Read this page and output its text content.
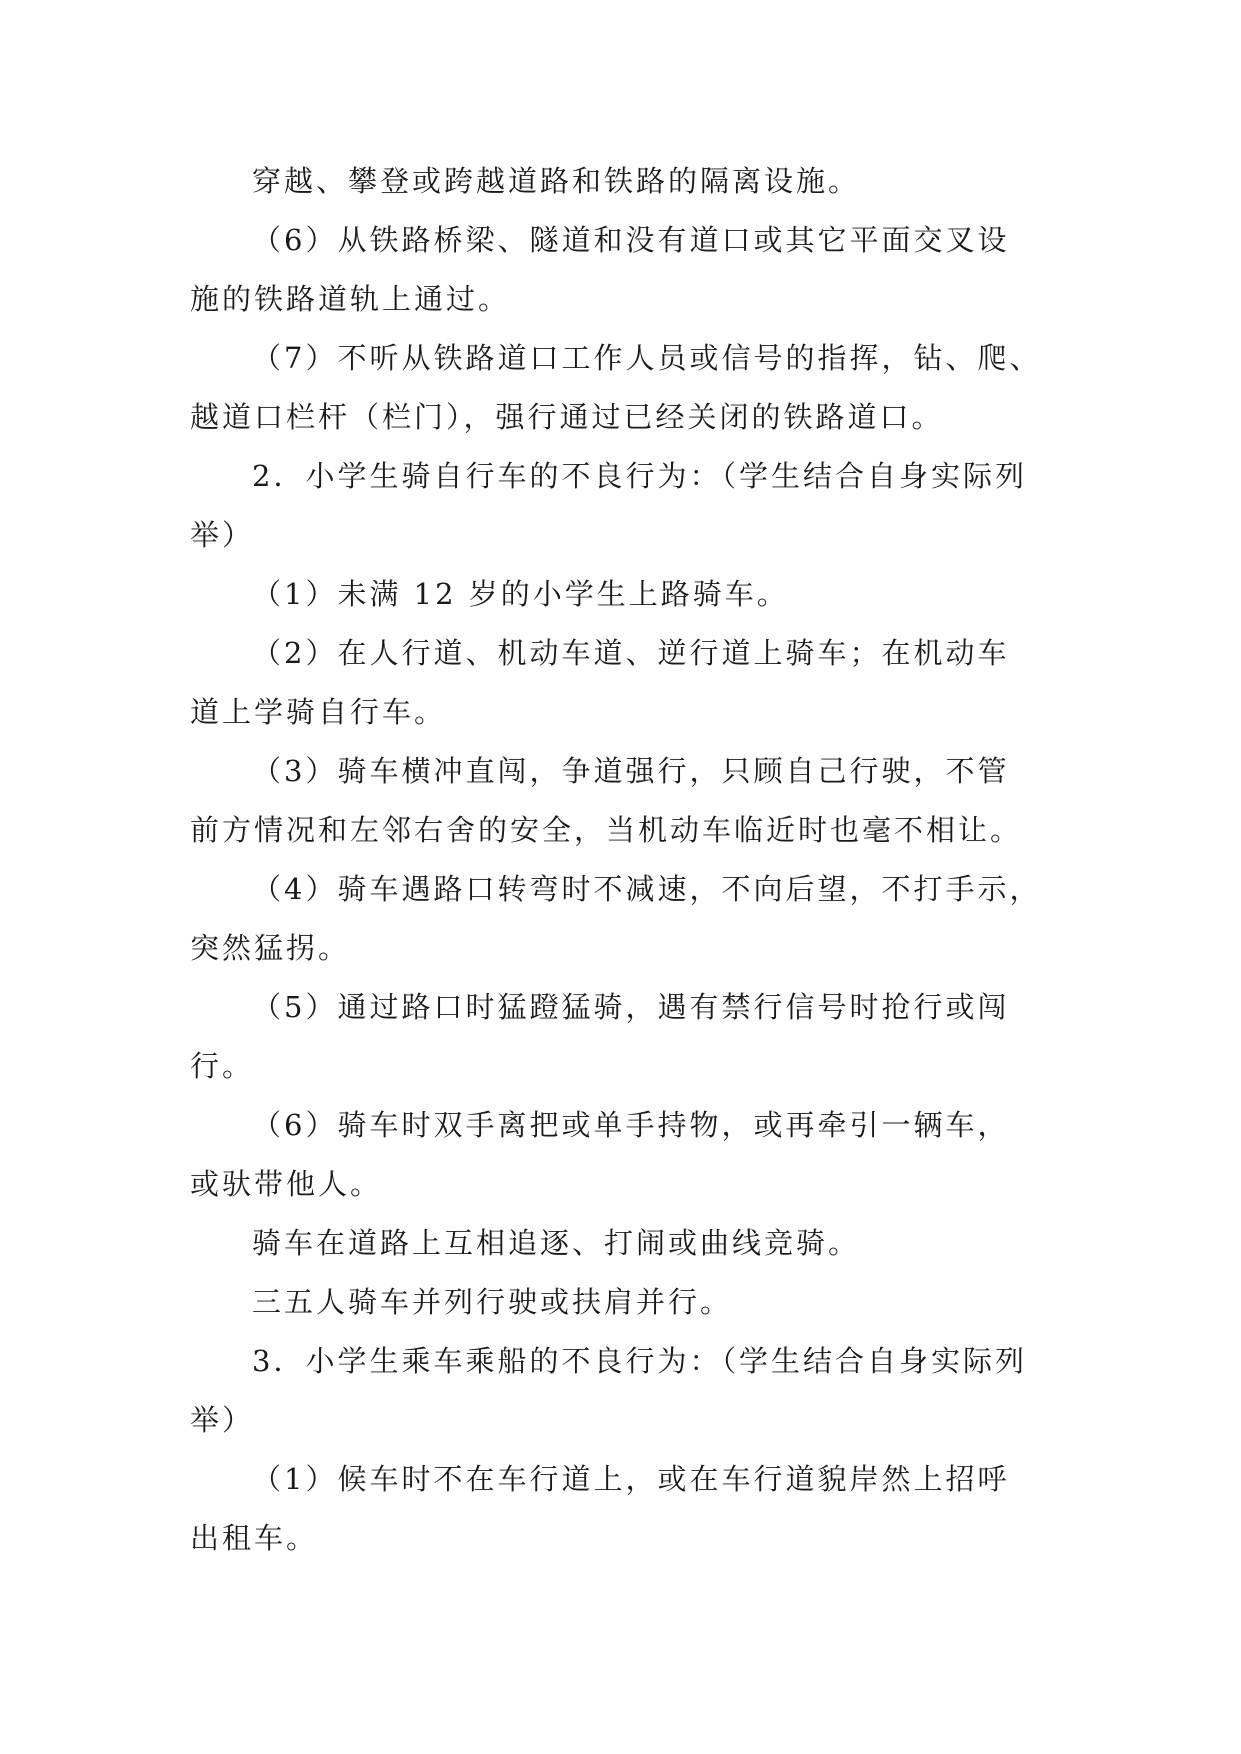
穿越、攀登或跨越道路和铁路的隔离设施。
（6）从铁路桥梁、隧道和没有道口或其它平面交叉设
施的铁路道轨上通过。
（7）不听从铁路道口工作人员或信号的指挥，钻、爬、
越道口栏杆（栏门），强行通过已经关闭的铁路道口。
2．小学生骑自行车的不良行为：（学生结合自身实际列
举）
（1）未满 12 岁的小学生上路骑车。
（2）在人行道、机动车道、逆行道上骑车；在机动车
道上学骑自行车。
（3）骑车横冲直闯，争道强行，只顾自己行驶，不管
前方情况和左邻右舍的安全，当机动车临近时也毫不相让。
（4）骑车遇路口转弯时不减速，不向后望，不打手示，
突然猛拐。
（5）通过路口时猛蹬猛骑，遇有禁行信号时抢行或闯
行。
（6）骑车时双手离把或单手持物，或再牵引一辆车，
或驮带他人。
骑车在道路上互相追逐、打闹或曲线竞骑。
三五人骑车并列行驶或扶肩并行。
3．小学生乘车乘船的不良行为：（学生结合自身实际列
举）
（1）候车时不在车行道上，或在车行道貌岸然上招呼
出租车。
